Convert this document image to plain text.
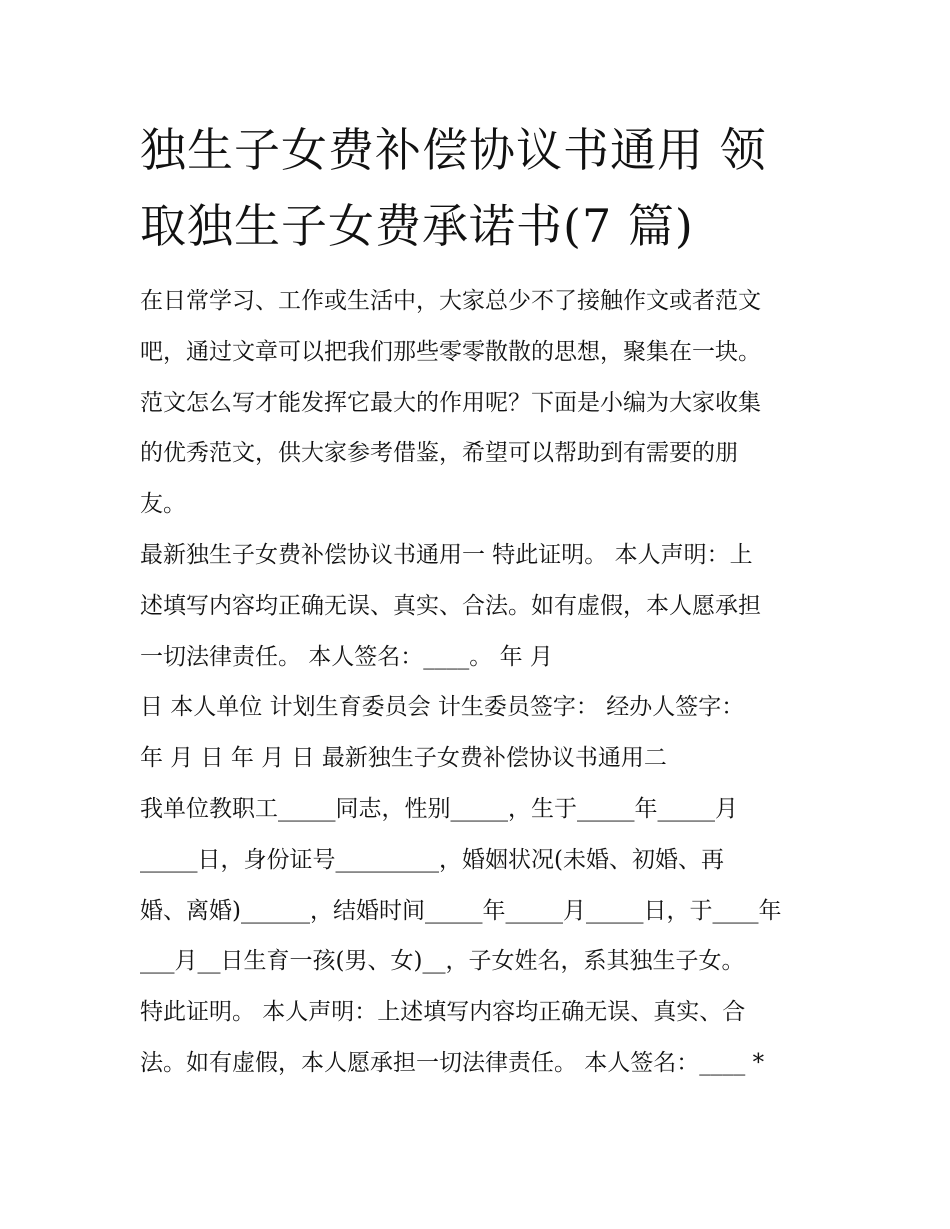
独生子女费补偿协议书通用 领
取独生子女费承诺书(7 篇)
在日常学习、工作或生活中，大家总少不了接触作文或者范文
吧，通过文章可以把我们那些零零散散的思想，聚集在一块。
范文怎么写才能发挥它最大的作用呢？下面是小编为大家收集
的优秀范文，供大家参考借鉴，希望可以帮助到有需要的朋
友。
最新独生子女费补偿协议书通用一 特此证明。 本人声明：上
述填写内容均正确无误、真实、合法。如有虚假，本人愿承担
一切法律责任。 本人签名：____。 年 月
日 本人单位 计划生育委员会 计生委员签字： 经办人签字：
年 月 日 年 月 日 最新独生子女费补偿协议书通用二
我单位教职工_____同志，性别_____，生于_____年_____月
_____日，身份证号_________，婚姻状况(未婚、初婚、再
婚、离婚)______，结婚时间_____年_____月_____日，于____年
___月__日生育一孩(男、女)__，子女姓名，系其独生子女。
特此证明。 本人声明：上述填写内容均正确无误、真实、合
法。如有虚假，本人愿承担一切法律责任。 本人签名：____ *
